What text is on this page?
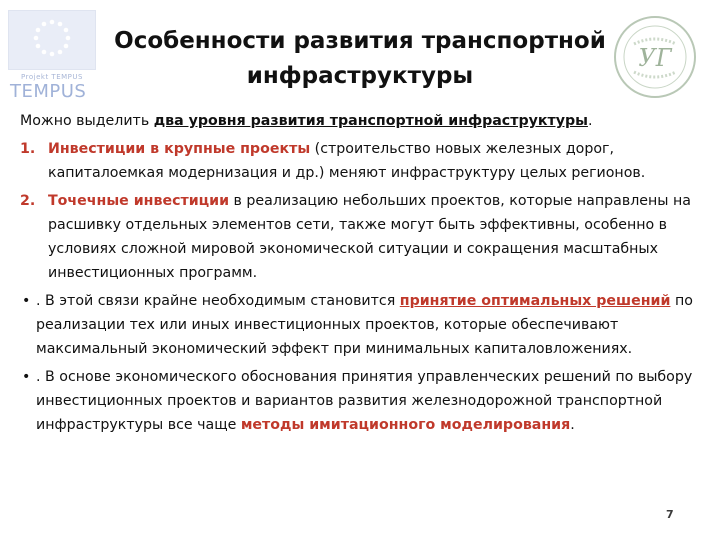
Projekt TEMPUS
TEMPUS
УГ
Особенности развития транспортной
инфраструктуры

Можно выделить два уровня развития транспортной инфраструктуры.

1. Инвестиции в крупные проекты (строительство новых железных дорог, капиталоемкая модернизация и др.) меняют инфраструктуру целых регионов.
2. Точечные инвестиции в реализацию небольших проектов, которые направлены на расшивку отдельных элементов сети, также могут быть эффективны, особенно в условиях сложной мировой экономической ситуации и сокращения масштабных инвестиционных программ.
• . В этой связи крайне необходимым становится принятие оптимальных решений по реализации тех или иных инвестиционных проектов, которые обеспечивают максимальный экономический эффект при минимальных капиталовложениях.
• . В основе экономического обоснования принятия управленческих решений по выбору инвестиционных проектов и вариантов развития железнодорожной транспортной инфраструктуры все чаще методы имитационного моделирования.
7
